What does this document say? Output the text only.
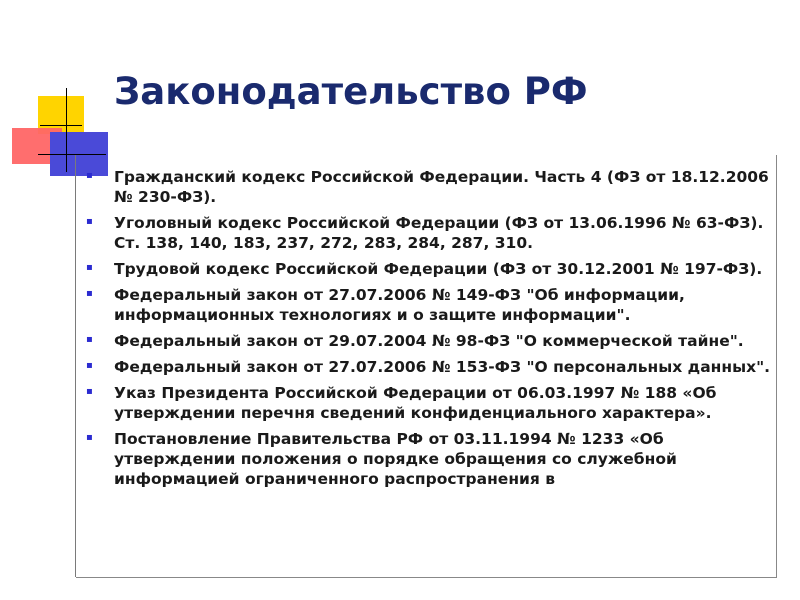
Законодательство РФ
▪ Гражданский кодекс Российской Федерации. Часть 4 (ФЗ от 18.12.2006 № 230-ФЗ).
▪ Уголовный кодекс Российской Федерации (ФЗ от 13.06.1996 № 63-ФЗ). Ст. 138, 140, 183, 237, 272, 283, 284, 287, 310.
▪ Трудовой кодекс Российской Федерации (ФЗ от 30.12.2001 № 197-ФЗ).
▪ Федеральный закон от 27.07.2006 № 149-ФЗ "Об информации, информационных технологиях и о защите информации".
▪ Федеральный закон от 29.07.2004 № 98-ФЗ "О коммерческой тайне".
▪ Федеральный закон от 27.07.2006 № 153-ФЗ "О персональных данных".
▪ Указ Президента Российской Федерации от 06.03.1997 № 188 «Об утверждении перечня сведений конфиденциального характера».
▪ Постановление Правительства РФ от 03.11.1994 № 1233 «Об утверждении положения о порядке обращения со служебной информацией ограниченного распространения в
